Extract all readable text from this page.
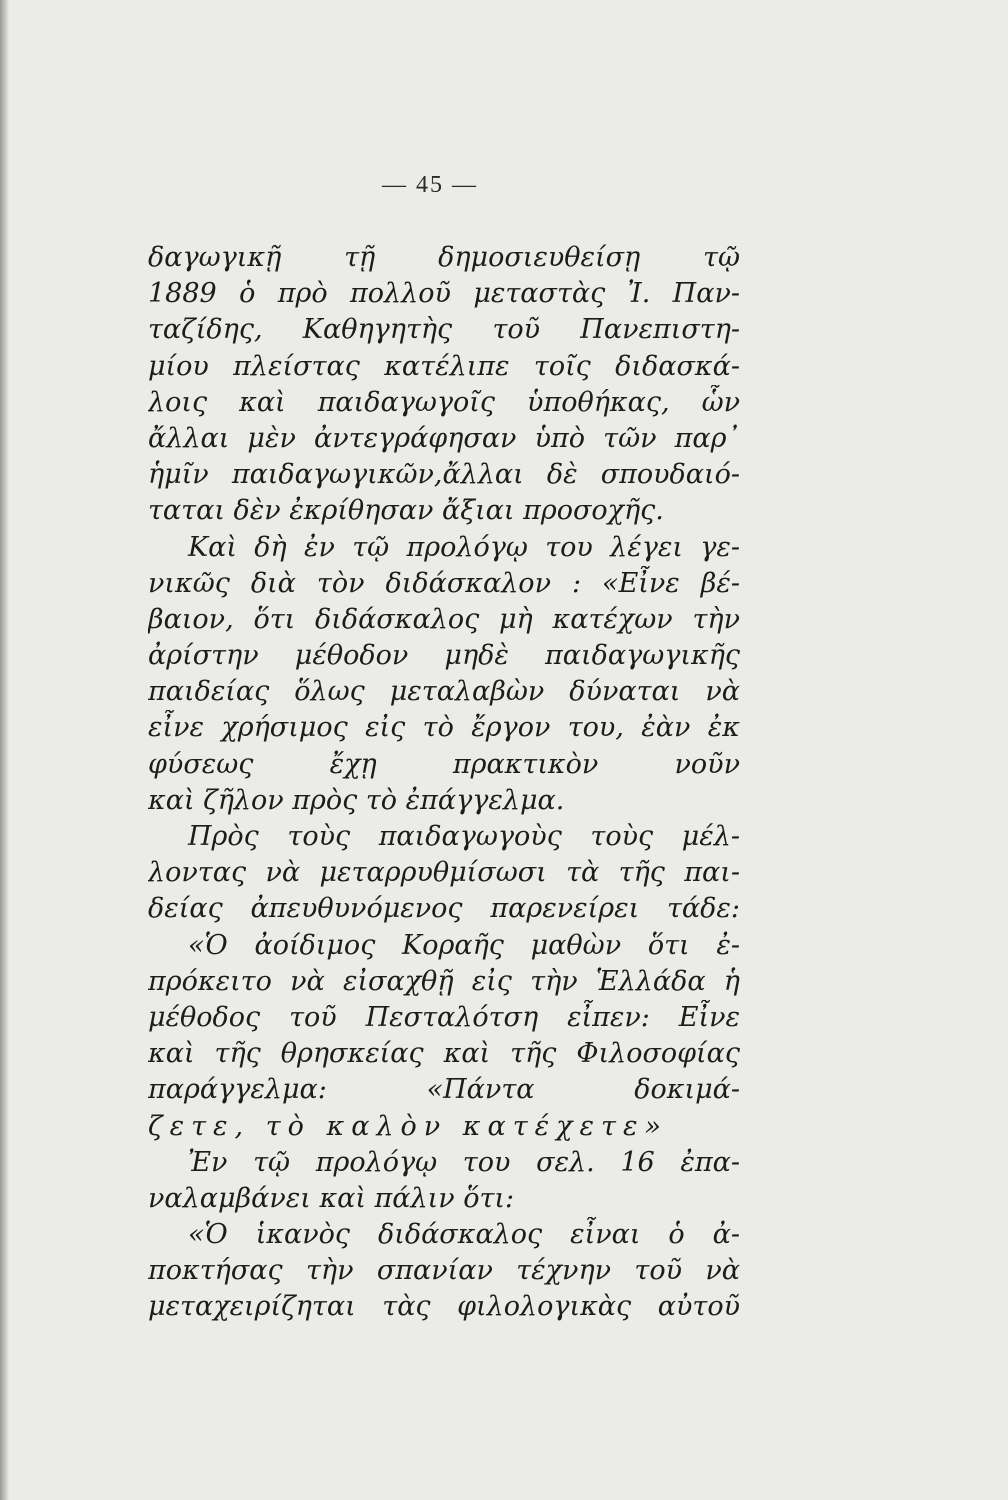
— 45 —
δαγωγικῇ τῇ δημοσιευθείσῃ τῷ
1889 ὁ πρὸ πολλοῦ μεταστὰς Ἰ. Παν-
ταζίδης, Καθηγητὴς τοῦ Πανεπιστη-
μίου πλείστας κατέλιπε τοῖς διδασκά-
λοις καὶ παιδαγωγοῖς ὑποθήκας, ὧν
ἄλλαι μὲν ἀντεγράφησαν ὑπὸ τῶν παρ᾽
ἡμῖν παιδαγωγικῶν,ἄλλαι δὲ σπουδαιό-
ταται δὲν ἐκρίθησαν ἄξιαι προσοχῆς.
Καὶ δὴ ἐν τῷ προλόγῳ του λέγει γε-
νικῶς διὰ τὸν διδάσκαλον : «Εἶνε βέ-
βαιον, ὅτι διδάσκαλος μὴ κατέχων τὴν
ἀρίστην μέθοδον μηδὲ παιδαγωγικῆς
παιδείας ὅλως μεταλαβὼν δύναται νὰ
εἶνε χρήσιμος εἰς τὸ ἔργον του, ἐὰν ἐκ
φύσεως ἔχῃ πρακτικὸν νοῦν
καὶ ζῆλον πρὸς τὸ ἐπάγγελμα.
Πρὸς τοὺς παιδαγωγοὺς τοὺς μέλ-
λοντας νὰ μεταρρυθμίσωσι τὰ τῆς παι-
δείας ἀπευθυνόμενος παρενείρει τάδε:
«Ὁ ἀοίδιμος Κοραῆς μαθὼν ὅτι ἐ-
πρόκειτο νὰ εἰσαχθῇ εἰς τὴν Ἑλλάδα ἡ
μέθοδος τοῦ Πεσταλότση εἶπεν: Εἶνε
καὶ τῆς θρησκείας καὶ τῆς Φιλοσοφίας
παράγγελμα: «Πάντα δοκιμά-
ζετε, τὸ καλὸν κατέχετε»
Ἐν τῷ προλόγῳ του σελ. 16 ἐπα-
ναλαμβάνει καὶ πάλιν ὅτι:
«Ὁ ἱκανὸς διδάσκαλος εἶναι ὁ ἀ-
ποκτήσας τὴν σπανίαν τέχνην τοῦ νὰ
μεταχειρίζηται τὰς φιλολογικὰς αὐτοῦ
